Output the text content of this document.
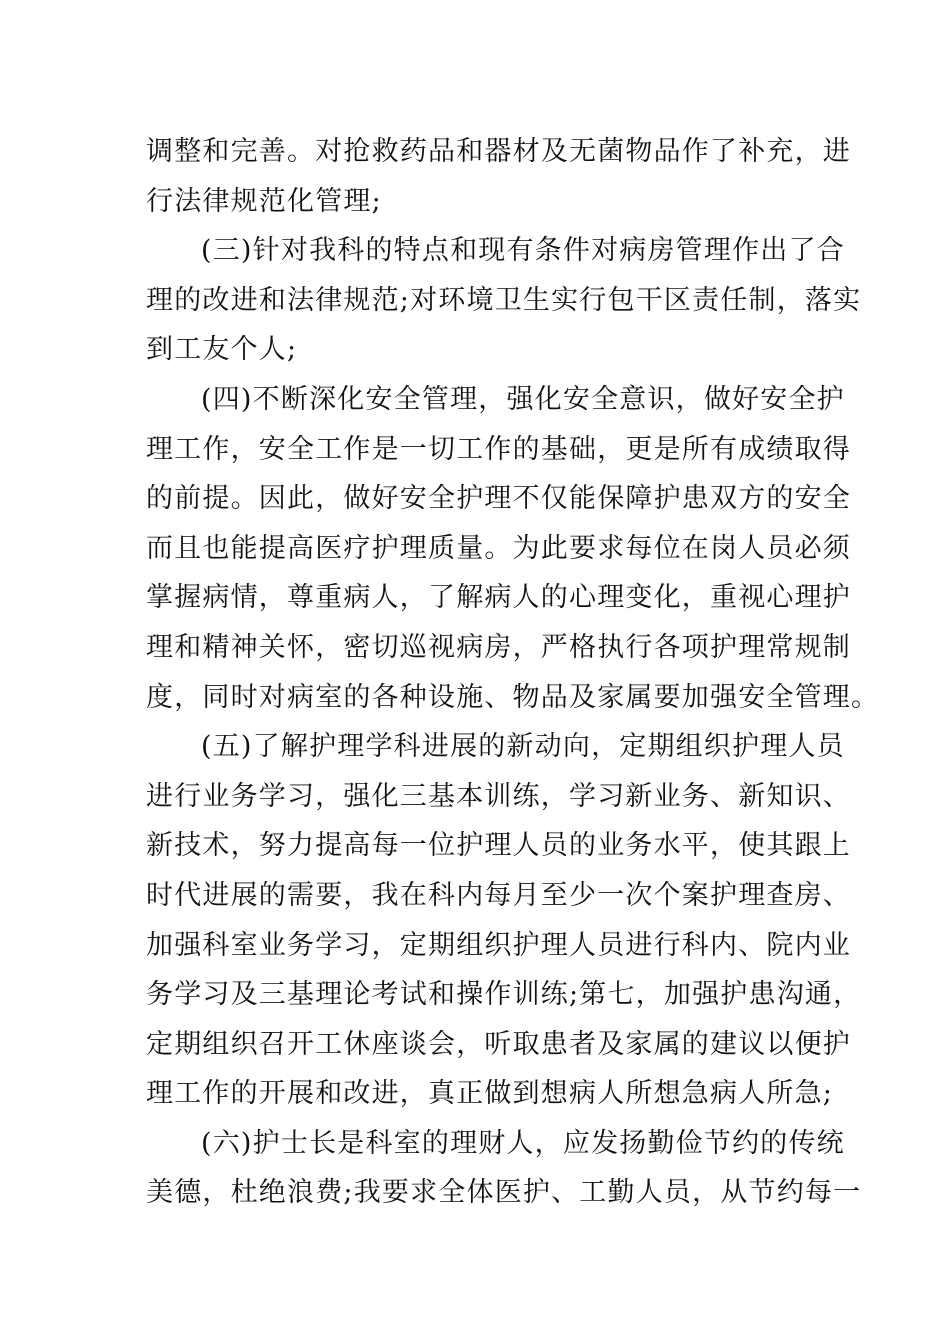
调整和完善。对抢救药品和器材及无菌物品作了补充，进
行法律规范化管理;
(三)针对我科的特点和现有条件对病房管理作出了合
理的改进和法律规范;对环境卫生实行包干区责任制，落实
到工友个人;
(四)不断深化安全管理，强化安全意识，做好安全护
理工作，安全工作是一切工作的基础，更是所有成绩取得
的前提。因此，做好安全护理不仅能保障护患双方的安全
而且也能提高医疗护理质量。为此要求每位在岗人员必须
掌握病情，尊重病人，了解病人的心理变化，重视心理护
理和精神关怀，密切巡视病房，严格执行各项护理常规制
度，同时对病室的各种设施、物品及家属要加强安全管理。
(五)了解护理学科进展的新动向，定期组织护理人员
进行业务学习，强化三基本训练，学习新业务、新知识、
新技术，努力提高每一位护理人员的业务水平，使其跟上
时代进展的需要，我在科内每月至少一次个案护理查房、
加强科室业务学习，定期组织护理人员进行科内、院内业
务学习及三基理论考试和操作训练;第七，加强护患沟通，
定期组织召开工休座谈会，听取患者及家属的建议以便护
理工作的开展和改进，真正做到想病人所想急病人所急;
(六)护士长是科室的理财人，应发扬勤俭节约的传统
美德，杜绝浪费;我要求全体医护、工勤人员，从节约每一
